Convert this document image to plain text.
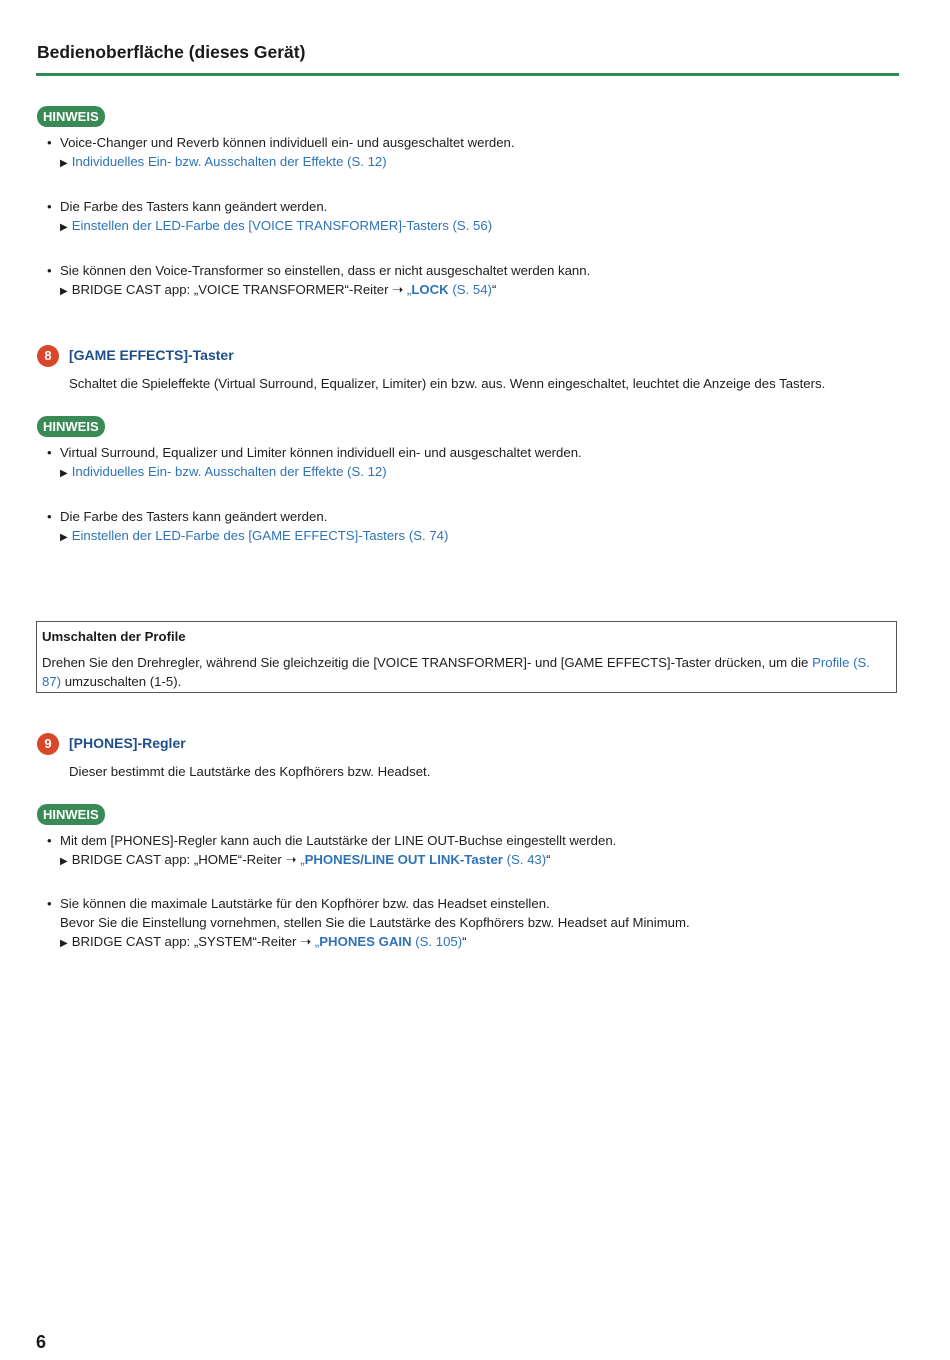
Bedienoberfläche (dieses Gerät)
HINWEIS
• Voice-Changer und Reverb können individuell ein- und ausgeschaltet werden.
▶ Individuelles Ein- bzw. Ausschalten der Effekte (S. 12)
• Die Farbe des Tasters kann geändert werden.
▶ Einstellen der LED-Farbe des [VOICE TRANSFORMER]-Tasters (S. 56)
• Sie können den Voice-Transformer so einstellen, dass er nicht ausgeschaltet werden kann.
▶ BRIDGE CAST app: „VOICE TRANSFORMER“-Reiter ➝ „LOCK (S. 54)“
8	[GAME EFFECTS]-Taster
Schaltet die Spieleffekte (Virtual Surround, Equalizer, Limiter) ein bzw. aus. Wenn eingeschaltet, leuchtet die Anzeige des Tasters.
HINWEIS
• Virtual Surround, Equalizer und Limiter können individuell ein- und ausgeschaltet werden.
▶ Individuelles Ein- bzw. Ausschalten der Effekte (S. 12)
• Die Farbe des Tasters kann geändert werden.
▶ Einstellen der LED-Farbe des [GAME EFFECTS]-Tasters (S. 74)
Umschalten der Profile
Drehen Sie den Drehregler, während Sie gleichzeitig die [VOICE TRANSFORMER]- und [GAME EFFECTS]-Taster drücken, um die Profile (S. 87) umzuschalten (1-5).
9	[PHONES]-Regler
Dieser bestimmt die Lautstärke des Kopfhörers bzw. Headset.
HINWEIS
• Mit dem [PHONES]-Regler kann auch die Lautstärke der LINE OUT-Buchse eingestellt werden.
▶ BRIDGE CAST app: „HOME“-Reiter ➝ „PHONES/LINE OUT LINK-Taster (S. 43)“
• Sie können die maximale Lautstärke für den Kopfhörer bzw. das Headset einstellen.
Bevor Sie die Einstellung vornehmen, stellen Sie die Lautstärke des Kopfhörers bzw. Headset auf Minimum.
▶ BRIDGE CAST app: „SYSTEM“-Reiter ➝ „PHONES GAIN (S. 105)“
6
